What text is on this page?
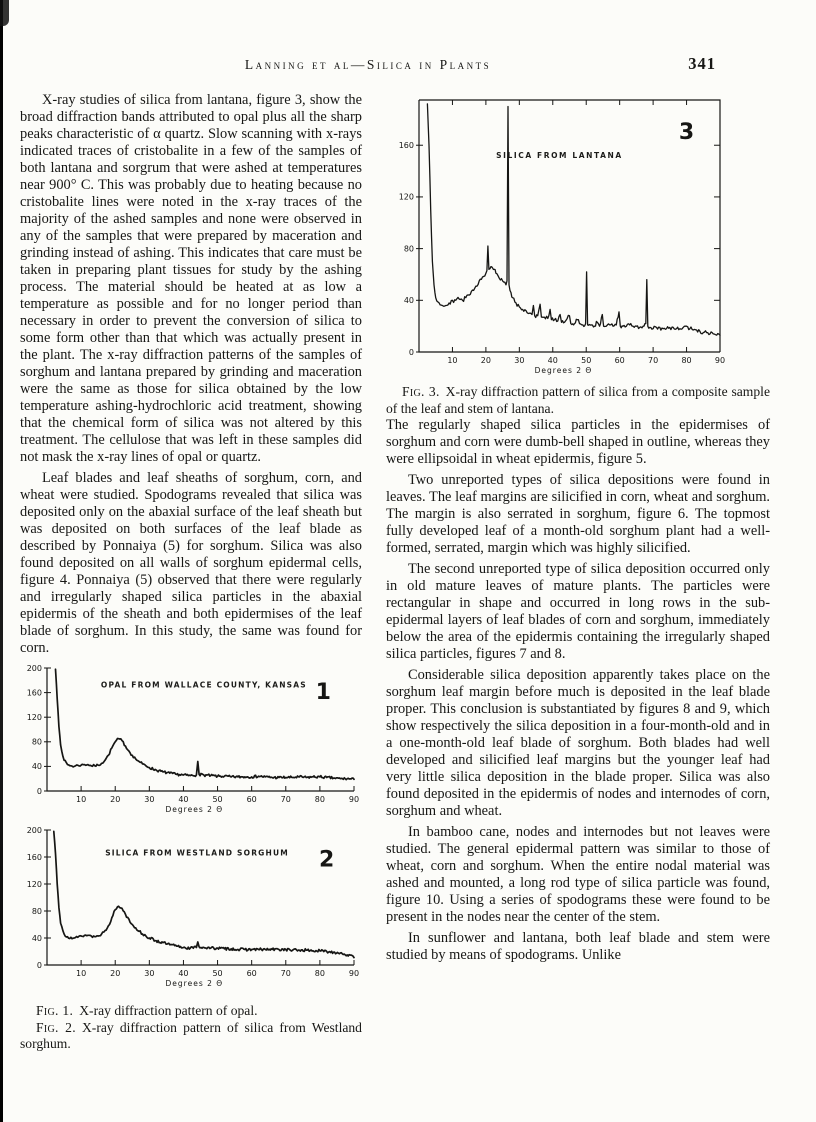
Lanning et al—Silica in Plants	341

X-ray studies of silica from lantana, figure 3, show the broad diffraction bands attributed to opal plus all the sharp peaks characteristic of α quartz. Slow scanning with x-rays indicated traces of cristobalite in a few of the samples of both lantana and sorgrum that were ashed at temperatures near 900° C. This was probably due to heating because no cristobalite lines were noted in the x-ray traces of the majority of the ashed samples and none were observed in any of the samples that were prepared by maceration and grinding instead of ashing. This indicates that care must be taken in preparing plant tissues for study by the ashing process. The material should be heated at as low a temperature as possible and for no longer period than necessary in order to prevent the conversion of silica to some form other than that which was actually present in the plant. The x-ray diffraction patterns of the samples of sorghum and lantana prepared by grinding and maceration were the same as those for silica obtained by the low temperature ashing-hydrochloric acid treatment, showing that the chemical form of silica was not altered by this treatment. The cellulose that was left in these samples did not mask the x-ray lines of opal or quartz.

Leaf blades and leaf sheaths of sorghum, corn, and wheat were studied. Spodograms revealed that silica was deposited only on the abaxial surface of the leaf sheath but was deposited on both surfaces of the leaf blade as described by Ponnaiya (5) for sorghum. Silica was also found deposited on all walls of sorghum epidermal cells, figure 4. Ponnaiya (5) observed that there were regularly and irregularly shaped silica particles in the abaxial epidermis of the sheath and both epidermises of the leaf blade of sorghum. In this study, the same was found for corn.

0
40
80
120
160
200
10	20	30	40	50	60	70	80	90
Degrees 2 Θ
OPAL FROM WALLACE COUNTY, KANSAS 1
0
40
80
120
160
200
10	20	30	40	50	60	70	80	90
Degrees 2 Θ
SILICA FROM WESTLAND SORGHUM 2

Fig. 1. X-ray diffraction pattern of opal.

Fig. 2. X-ray diffraction pattern of silica from Westland sorghum.

0
40
80
120
160
10	20	30	40	50	60	70	80	90
Degrees 2 Θ
SILICA FROM LANTANA
3

Fig. 3. X-ray diffraction pattern of silica from a composite sample of the leaf and stem of lantana.

The regularly shaped silica particles in the epidermises of sorghum and corn were dumb-bell shaped in outline, whereas they were ellipsoidal in wheat epidermis, figure 5.

Two unreported types of silica depositions were found in leaves. The leaf margins are silicified in corn, wheat and sorghum. The margin is also serrated in sorghum, figure 6. The topmost fully developed leaf of a month-old sorghum plant had a well-formed, serrated, margin which was highly silicified.

The second unreported type of silica deposition occurred only in old mature leaves of mature plants. The particles were rectangular in shape and occurred in long rows in the sub-epidermal layers of leaf blades of corn and sorghum, immediately below the area of the epidermis containing the irregularly shaped silica particles, figures 7 and 8.

Considerable silica deposition apparently takes place on the sorghum leaf margin before much is deposited in the leaf blade proper. This conclusion is substantiated by figures 8 and 9, which show respectively the silica deposition in a four-month-old and in a one-month-old leaf blade of sorghum. Both blades had well developed and silicified leaf margins but the younger leaf had very little silica deposition in the blade proper. Silica was also found deposited in the epidermis of nodes and internodes of corn, sorghum and wheat.

In bamboo cane, nodes and internodes but not leaves were studied. The general epidermal pattern was similar to those of wheat, corn and sorghum. When the entire nodal material was ashed and mounted, a long rod type of silica particle was found, figure 10. Using a series of spodograms these were found to be present in the nodes near the center of the stem.

In sunflower and lantana, both leaf blade and stem were studied by means of spodograms. Unlike
